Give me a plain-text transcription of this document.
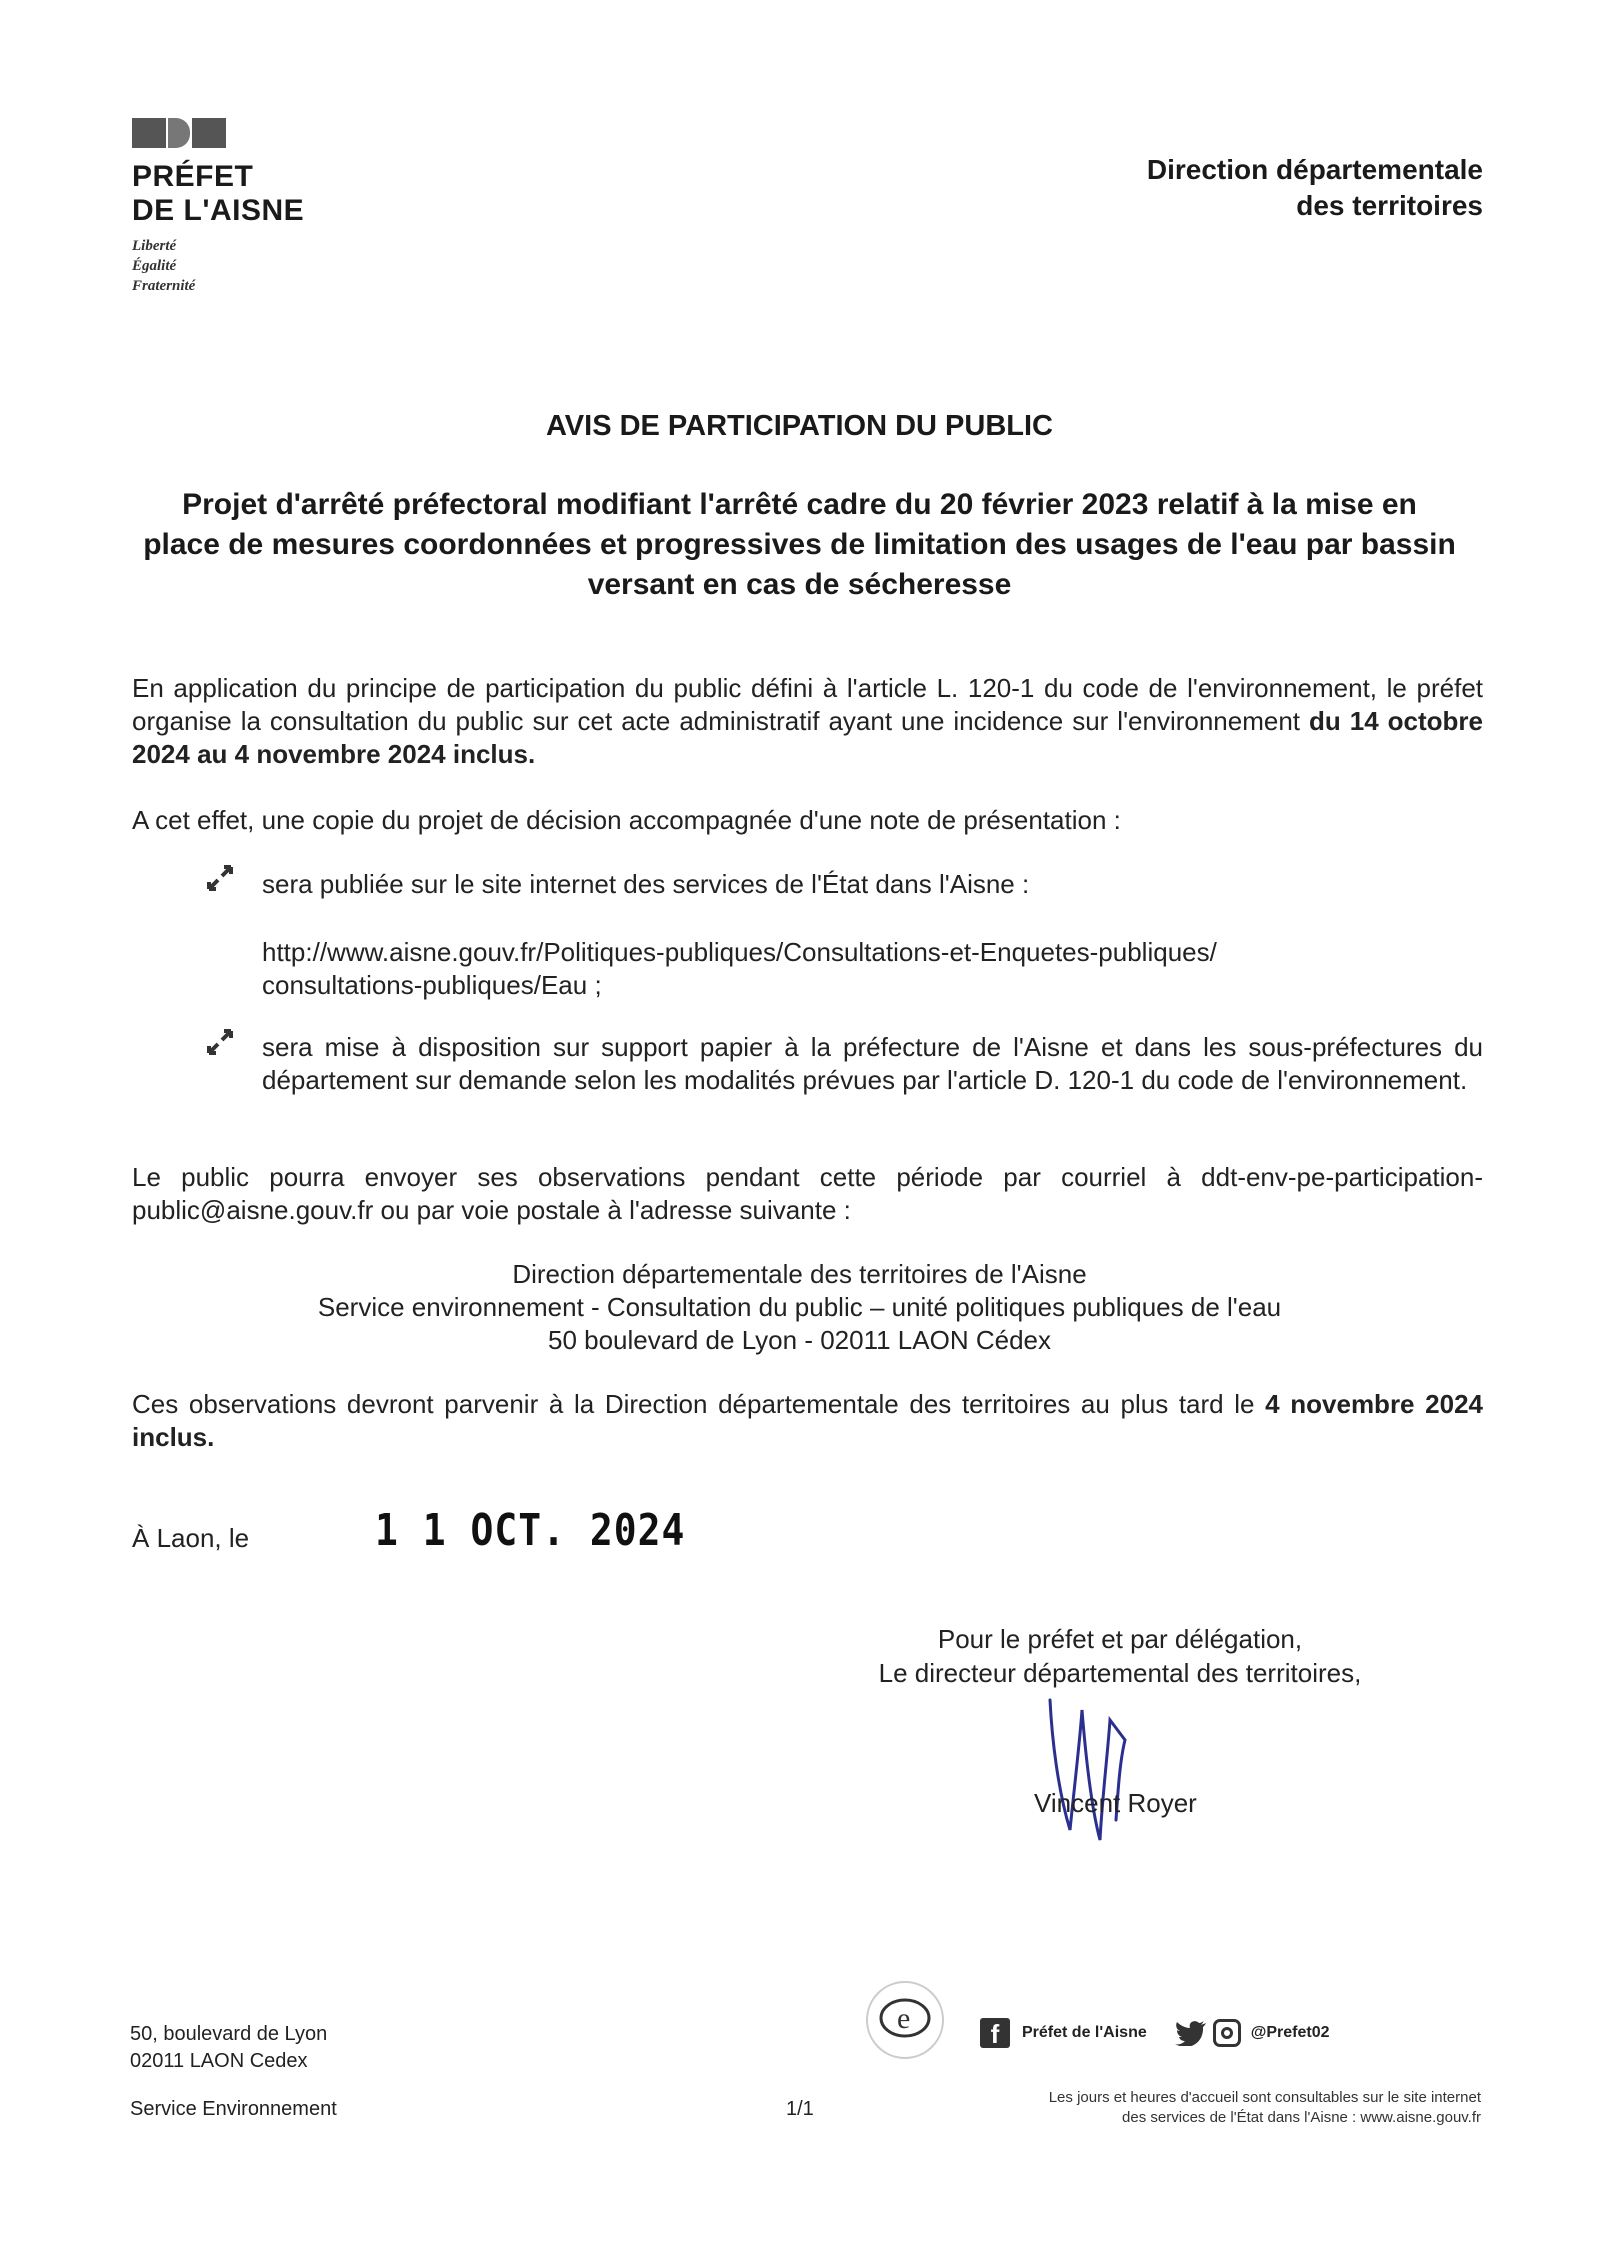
PRÉFET
DE L'AISNE
Liberté
Égalité
Fraternité
Direction départementale
des territoires
AVIS DE PARTICIPATION DU PUBLIC
Projet d'arrêté préfectoral modifiant l'arrêté cadre du 20 février 2023 relatif à la mise en place de mesures coordonnées et progressives de limitation des usages de l'eau par bassin versant en cas de sécheresse
En application du principe de participation du public défini à l'article L. 120-1 du code de l'environnement, le préfet organise la consultation du public sur cet acte administratif ayant une incidence sur l'environnement du 14 octobre 2024 au 4 novembre 2024 inclus.
A cet effet, une copie du projet de décision accompagnée d'une note de présentation :
sera publiée sur le site internet des services de l'État dans l'Aisne :
http://www.aisne.gouv.fr/Politiques-publiques/Consultations-et-Enquetes-publiques/
consultations-publiques/Eau ;
sera mise à disposition sur support papier à la préfecture de l'Aisne et dans les sous-préfectures du département sur demande selon les modalités prévues par l'article D. 120-1 du code de l'environnement.
Le public pourra envoyer ses observations pendant cette période par courriel à ddt-env-pe-participation-public@aisne.gouv.fr ou par voie postale à l'adresse suivante :
Direction départementale des territoires de l'Aisne
Service environnement - Consultation du public – unité politiques publiques de l'eau
50 boulevard de Lyon - 02011 LAON Cédex
Ces observations devront parvenir à la Direction départementale des territoires au plus tard le 4 novembre 2024 inclus.
À Laon, le	1 1 OCT. 2024
Pour le préfet et par délégation,
Le directeur départemental des territoires,
Vincent Royer
50, boulevard de Lyon
02011 LAON Cedex
Service Environnement	1/1
e	f	Préfet de l'Aisne	@Prefet02
Les jours et heures d'accueil sont consultables sur le site internet
des services de l'État dans l'Aisne : www.aisne.gouv.fr
